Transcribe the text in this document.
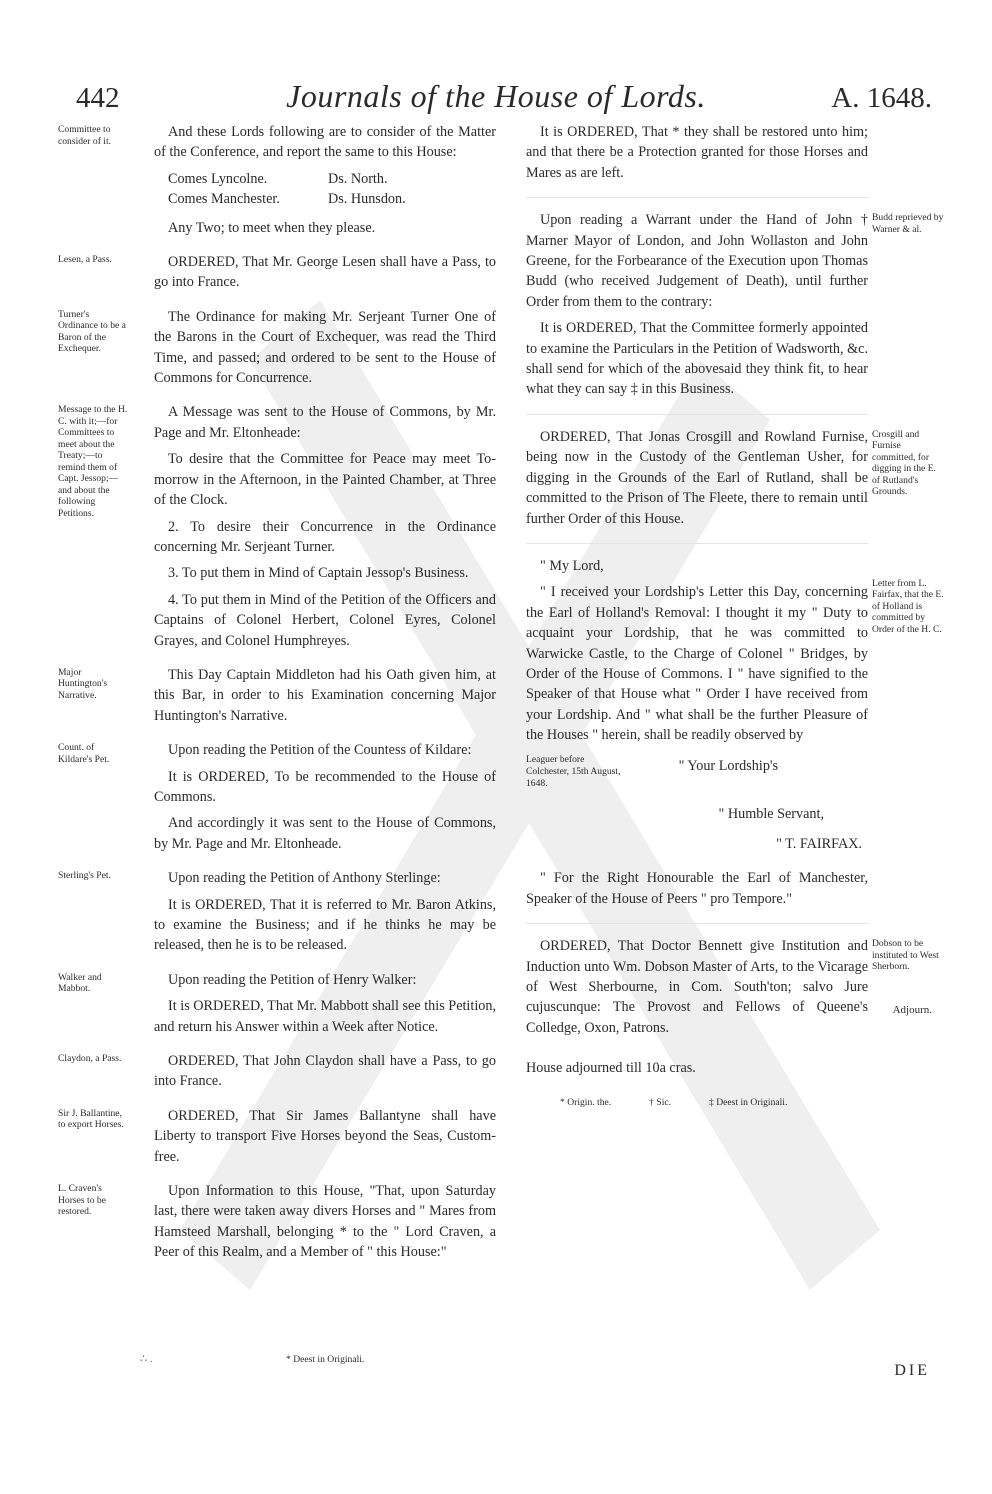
442	Journals of the House of Lords.	A. 1648.
Committee to consider of it.

And these Lords following are to consider of the Matter of the Conference, and report the same to this House:

Comes Lyncolne.	Ds. North.
Comes Manchester.	Ds. Hunsdon.

Any Two; to meet when they please.

Lesen, a Pass.	ORDERED, That Mr. George Lesen shall have a Pass, to go into France.

Turner's Ordinance to be a Baron of the Exchequer.

The Ordinance for making Mr. Serjeant Turner One of the Barons in the Court of Exchequer, was read the Third Time, and passed; and ordered to be sent to the House of Commons for Concurrence.

Message to the H. C. with it;—for Committees to meet about the Treaty;—to remind them of Capt. Jessop;—and about the following Petitions.

A Message was sent to the House of Commons, by Mr. Page and Mr. Eltonheade:

To desire that the Committee for Peace may meet To-morrow in the Afternoon, in the Painted Chamber, at Three of the Clock.

2. To desire their Concurrence in the Ordinance concerning Mr. Serjeant Turner.

3. To put them in Mind of Captain Jessop's Business.

4. To put them in Mind of the Petition of the Officers and Captains of Colonel Herbert, Colonel Eyres, Colonel Grayes, and Colonel Humphreyes.

Major Huntington's Narrative.

This Day Captain Middleton had his Oath given him, at this Bar, in order to his Examination concerning Major Huntington's Narrative.

Count. of Kildare's Pet.

Upon reading the Petition of the Countess of Kildare:

It is ORDERED, To be recommended to the House of Commons.

And accordingly it was sent to the House of Commons, by Mr. Page and Mr. Eltonheade.

Sterling's Pet.	Upon reading the Petition of Anthony Sterlinge:

It is ORDERED, That it is referred to Mr. Baron Atkins, to examine the Business; and if he thinks he may be released, then he is to be released.

Walker and Mabbot.

Upon reading the Petition of Henry Walker:

It is ORDERED, That Mr. Mabbott shall see this Petition, and return his Answer within a Week after Notice.

Claydon, a Pass.	ORDERED, That John Claydon shall have a Pass, to go into France.

Sir J. Ballantine, to export Horses.

ORDERED, That Sir James Ballantyne shall have Liberty to transport Five Horses beyond the Seas, Custom-free.

L. Craven's Horses to be restored.

Upon Information to this House, "That, upon Saturday last, there were taken away divers Horses and " Mares from Hamsteed Marshall, belonging * to the " Lord Craven, a Peer of this Realm, and a Member of " this House:"

∴ .	* Deest in Originali.

It is ORDERED, That * they shall be restored unto him; and that there be a Protection granted for those Horses and Mares as are left.

Budd reprieved by Warner & al.

Upon reading a Warrant under the Hand of John † Marner Mayor of London, and John Wollaston and John Greene, for the Forbearance of the Execution upon Thomas Budd (who received Judgement of Death), until further Order from them to the contrary:

It is ORDERED, That the Committee formerly appointed to examine the Particulars in the Petition of Wadsworth, &c. shall send for which of the abovesaid they think fit, to hear what they can say ‡ in this Business.

Crosgill and Furnise committed, for digging in the E. of Rutland's Grounds.

ORDERED, That Jonas Crosgill and Rowland Furnise, being now in the Custody of the Gentleman Usher, for digging in the Grounds of the Earl of Rutland, shall be committed to the Prison of The Fleete, there to remain until further Order of this House.

Letter from L. Fairfax, that the E. of Holland is committed by Order of the H. C.

" My Lord,

" I received your Lordship's Letter this Day, concerning the Earl of Holland's Removal: I thought it my " Duty to acquaint your Lordship, that he was committed to Warwicke Castle, to the Charge of Colonel " Bridges, by Order of the House of Commons. I " have signified to the Speaker of that House what " Order I have received from your Lordship. And " what shall be the further Pleasure of the Houses " herein, shall be readily observed by

Leaguer before Colchester, 15th August, 1648.
" Your Lordship's
" Humble Servant,
" T. FAIRFAX.

" For the Right Honourable the Earl of Manchester, Speaker of the House of Peers " pro Tempore."

Dobson to be instituted to West Sherborn.

ORDERED, That Doctor Bennett give Institution and Induction unto Wm. Dobson Master of Arts, to the Vicarage of West Sherbourne, in Com. South'ton; salvo Jure cujuscunque: The Provost and Fellows of Queene's Colledge, Oxon, Patrons.

House adjourned till 10a cras.

* Origin. the.	† Sic.	‡ Deest in Originali.
Adjourn.
DIE
